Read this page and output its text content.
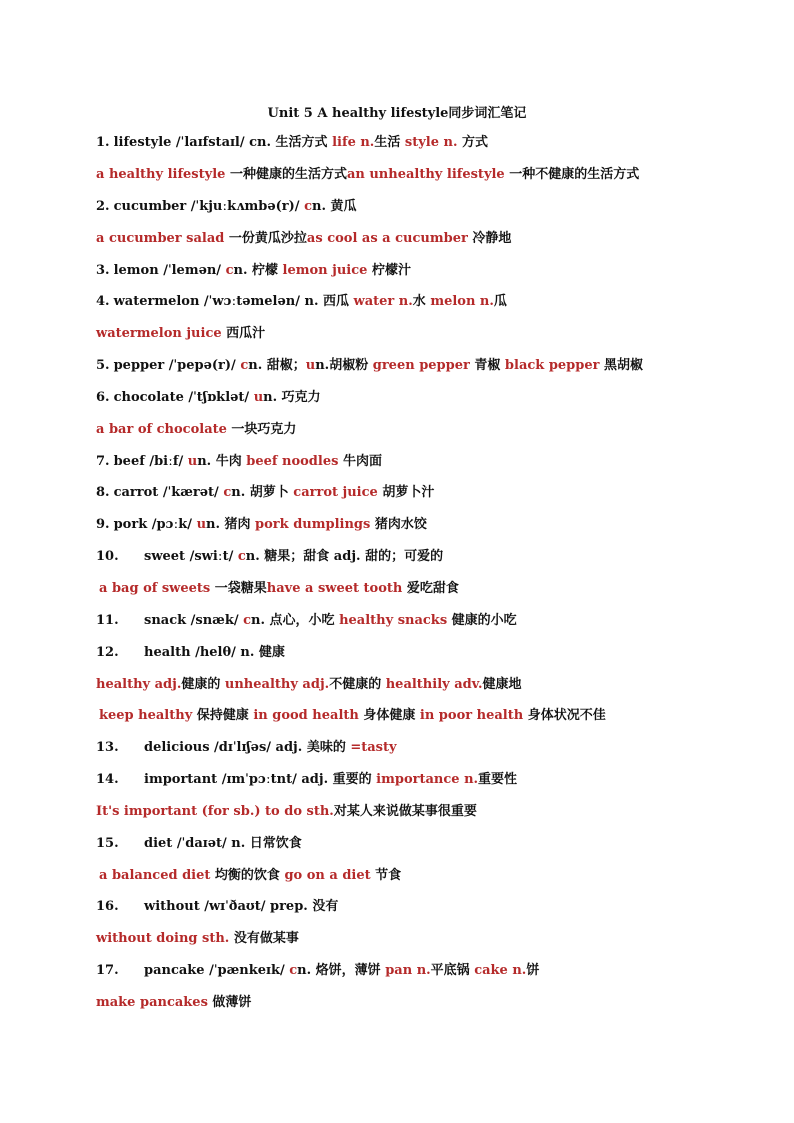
Unit 5 A healthy lifestyle同步词汇笔记
1.lifestyle /ˈlaɪfstaɪl/ cn. 生活方式 life n.生活 style n. 方式
a healthy lifestyle 一种健康的生活方式an unhealthy lifestyle 一种不健康的生活方式
2.cucumber /ˈkjuːkʌmbə(r)/ cn. 黄瓜
a cucumber salad 一份黄瓜沙拉as cool as a cucumber 冷静地
3.lemon /ˈlemən/ cn. 柠檬 lemon juice 柠檬汁
4.watermelon /ˈwɔːtəmelən/ n. 西瓜 water n.水 melon n.瓜
watermelon juice 西瓜汁
5.pepper /ˈpepə(r)/ cn. 甜椒；un.胡椒粉 green pepper 青椒 black pepper 黑胡椒
6.chocolate /ˈtʃɒklət/ un. 巧克力
a bar of chocolate 一块巧克力
7.beef /biːf/ un. 牛肉 beef noodles 牛肉面
8.carrot /ˈkærət/ cn. 胡萝卜 carrot juice 胡萝卜汁
9.pork /pɔːk/ un. 猪肉 pork dumplings 猪肉水饺
10. sweet /swiːt/ cn. 糖果；甜食 adj. 甜的；可爱的
a bag of sweets 一袋糖果have a sweet tooth 爱吃甜食
11. snack /snæk/ cn. 点心，小吃 healthy snacks 健康的小吃
12. health /helθ/ n. 健康
healthy adj.健康的 unhealthy adj.不健康的 healthily adv.健康地
keep healthy 保持健康 in good health 身体健康 in poor health 身体状况不佳
13. delicious /dɪˈlɪʃəs/ adj. 美味的 =tasty
14. important /ɪmˈpɔːtnt/ adj. 重要的 importance n.重要性
It's important (for sb.) to do sth.对某人来说做某事很重要
15. diet /ˈdaɪət/ n. 日常饮食
a balanced diet 均衡的饮食 go on a diet 节食
16. without /wɪˈðaʊt/ prep. 没有
without doing sth. 没有做某事
17. pancake /ˈpænkeɪk/ cn. 烙饼，薄饼 pan n.平底锅 cake n.饼
make pancakes 做薄饼
